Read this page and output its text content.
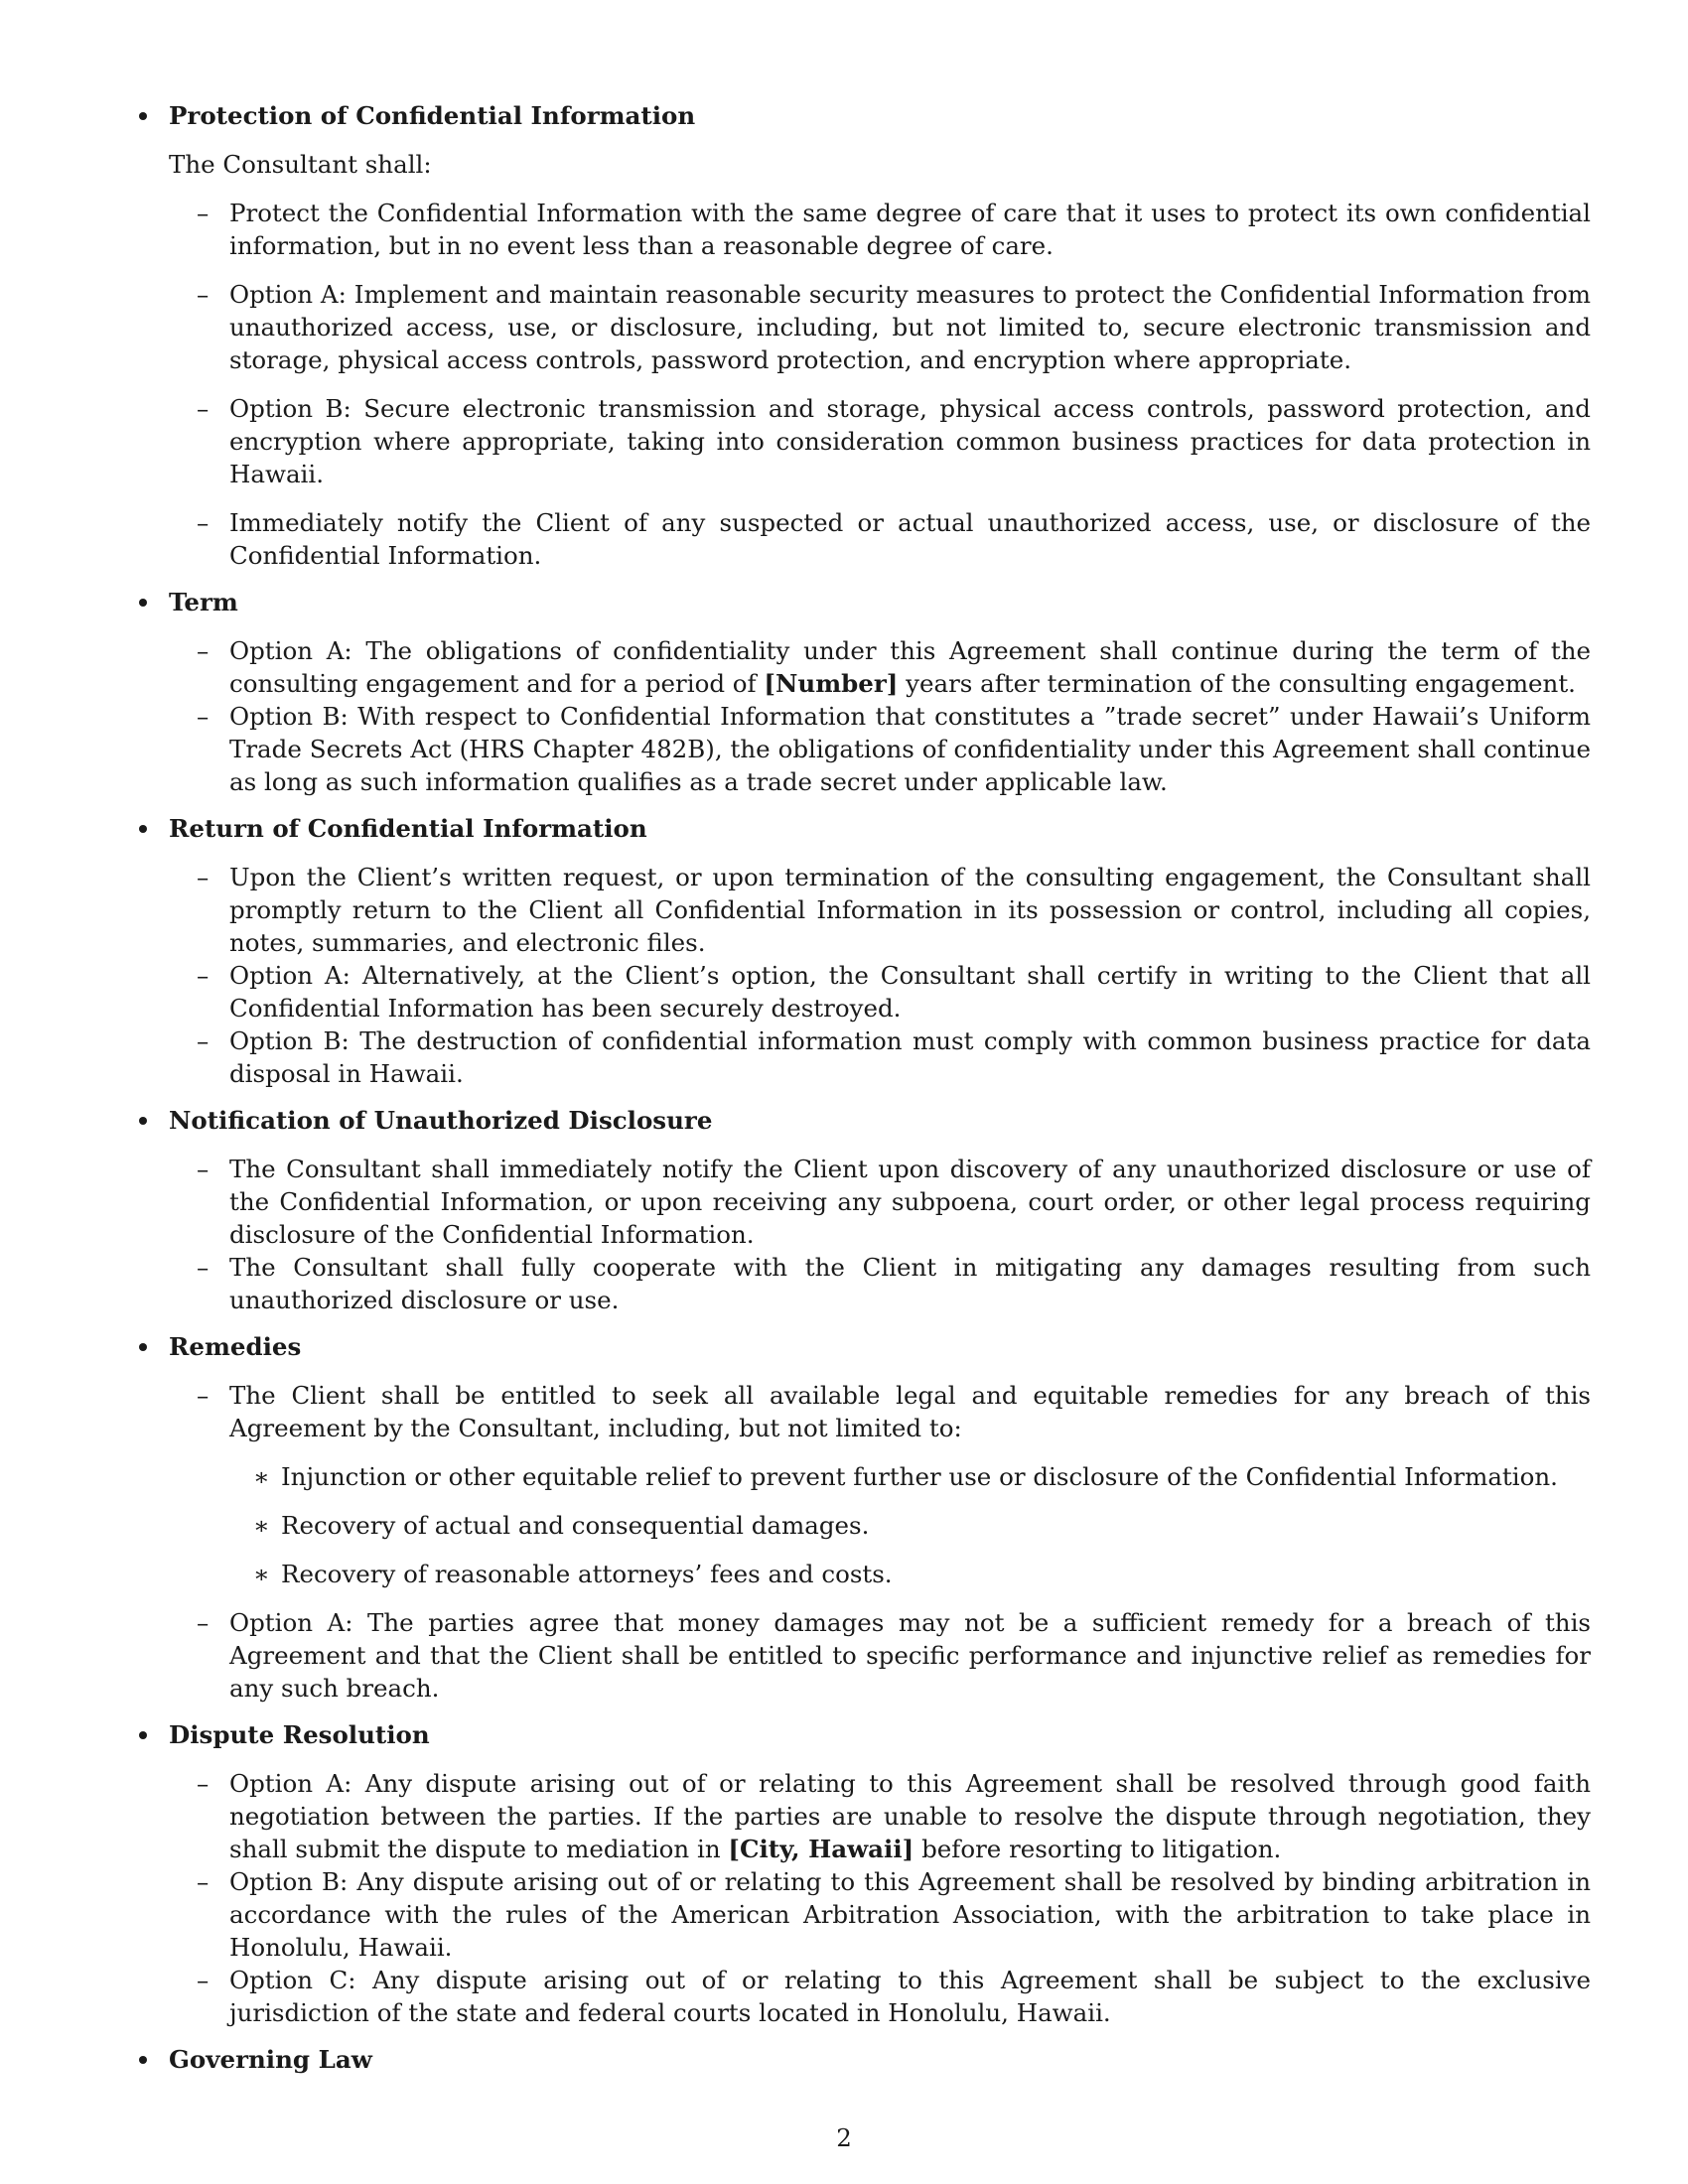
Protection of Confidential Information

The Consultant shall:

– Protect the Confidential Information with the same degree of care that it uses to protect its own confidential information, but in no event less than a reasonable degree of care.
– Option A: Implement and maintain reasonable security measures to protect the Confidential Information from unauthorized access, use, or disclosure, including, but not limited to, secure electronic transmission and storage, physical access controls, password protection, and encryption where appropriate.
– Option B: Secure electronic transmission and storage, physical access controls, password protection, and encryption where appropriate, taking into consideration common business practices for data protection in Hawaii.
– Immediately notify the Client of any suspected or actual unauthorized access, use, or disclosure of the Confidential Information.

Term

– Option A: The obligations of confidentiality under this Agreement shall continue during the term of the consulting engagement and for a period of [Number] years after termination of the consulting engagement.
– Option B: With respect to Confidential Information that constitutes a ”trade secret” under Hawaii’s Uniform Trade Secrets Act (HRS Chapter 482B), the obligations of confidentiality under this Agreement shall continue as long as such information qualifies as a trade secret under applicable law.

Return of Confidential Information

– Upon the Client’s written request, or upon termination of the consulting engagement, the Consultant shall promptly return to the Client all Confidential Information in its possession or control, including all copies, notes, summaries, and electronic files.
– Option A: Alternatively, at the Client’s option, the Consultant shall certify in writing to the Client that all Confidential Information has been securely destroyed.
– Option B: The destruction of confidential information must comply with common business practice for data disposal in Hawaii.

Notification of Unauthorized Disclosure

– The Consultant shall immediately notify the Client upon discovery of any unauthorized disclosure or use of the Confidential Information, or upon receiving any subpoena, court order, or other legal process requiring disclosure of the Confidential Information.
– The Consultant shall fully cooperate with the Client in mitigating any damages resulting from such unauthorized disclosure or use.

Remedies

– The Client shall be entitled to seek all available legal and equitable remedies for any breach of this Agreement by the Consultant, including, but not limited to:
∗ Injunction or other equitable relief to prevent further use or disclosure of the Confidential Information.
∗ Recovery of actual and consequential damages.
∗ Recovery of reasonable attorneys’ fees and costs.
– Option A: The parties agree that money damages may not be a sufficient remedy for a breach of this Agreement and that the Client shall be entitled to specific performance and injunctive relief as remedies for any such breach.

Dispute Resolution

– Option A: Any dispute arising out of or relating to this Agreement shall be resolved through good faith negotiation between the parties. If the parties are unable to resolve the dispute through negotiation, they shall submit the dispute to mediation in [City, Hawaii] before resorting to litigation.
– Option B: Any dispute arising out of or relating to this Agreement shall be resolved by binding arbitration in accordance with the rules of the American Arbitration Association, with the arbitration to take place in Honolulu, Hawaii.
– Option C: Any dispute arising out of or relating to this Agreement shall be subject to the exclusive jurisdiction of the state and federal courts located in Honolulu, Hawaii.

Governing Law

2
